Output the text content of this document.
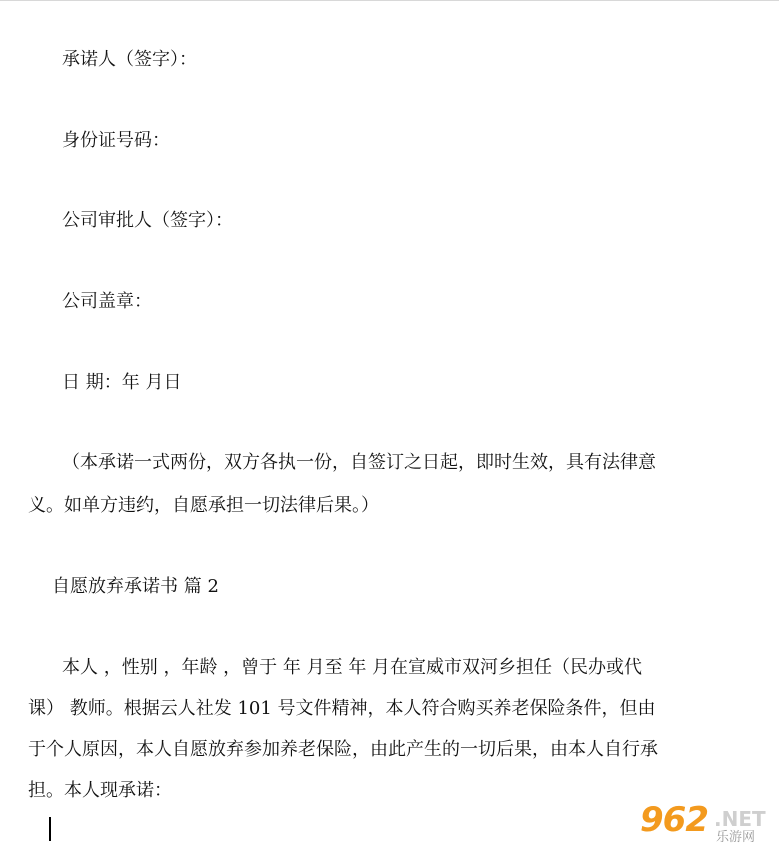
承诺人（签字）：
身份证号码：
公司审批人（签字）：
公司盖章：
日 期：年 月日
（本承诺一式两份，双方各执一份，自签订之日起，即时生效，具有法律意
义。如单方违约，自愿承担一切法律后果。）
自愿放弃承诺书 篇 2
本人 ，性别 ，年龄 ，曾于 年 月至 年 月在宣威市双河乡担任（民办或代
课） 教师。根据云人社发 101 号文件精神，本人符合购买养老保险条件，但由
于个人原因，本人自愿放弃参加养老保险，由此产生的一切后果，由本人自行承
担。本人现承诺：
962 .NET
乐游网
